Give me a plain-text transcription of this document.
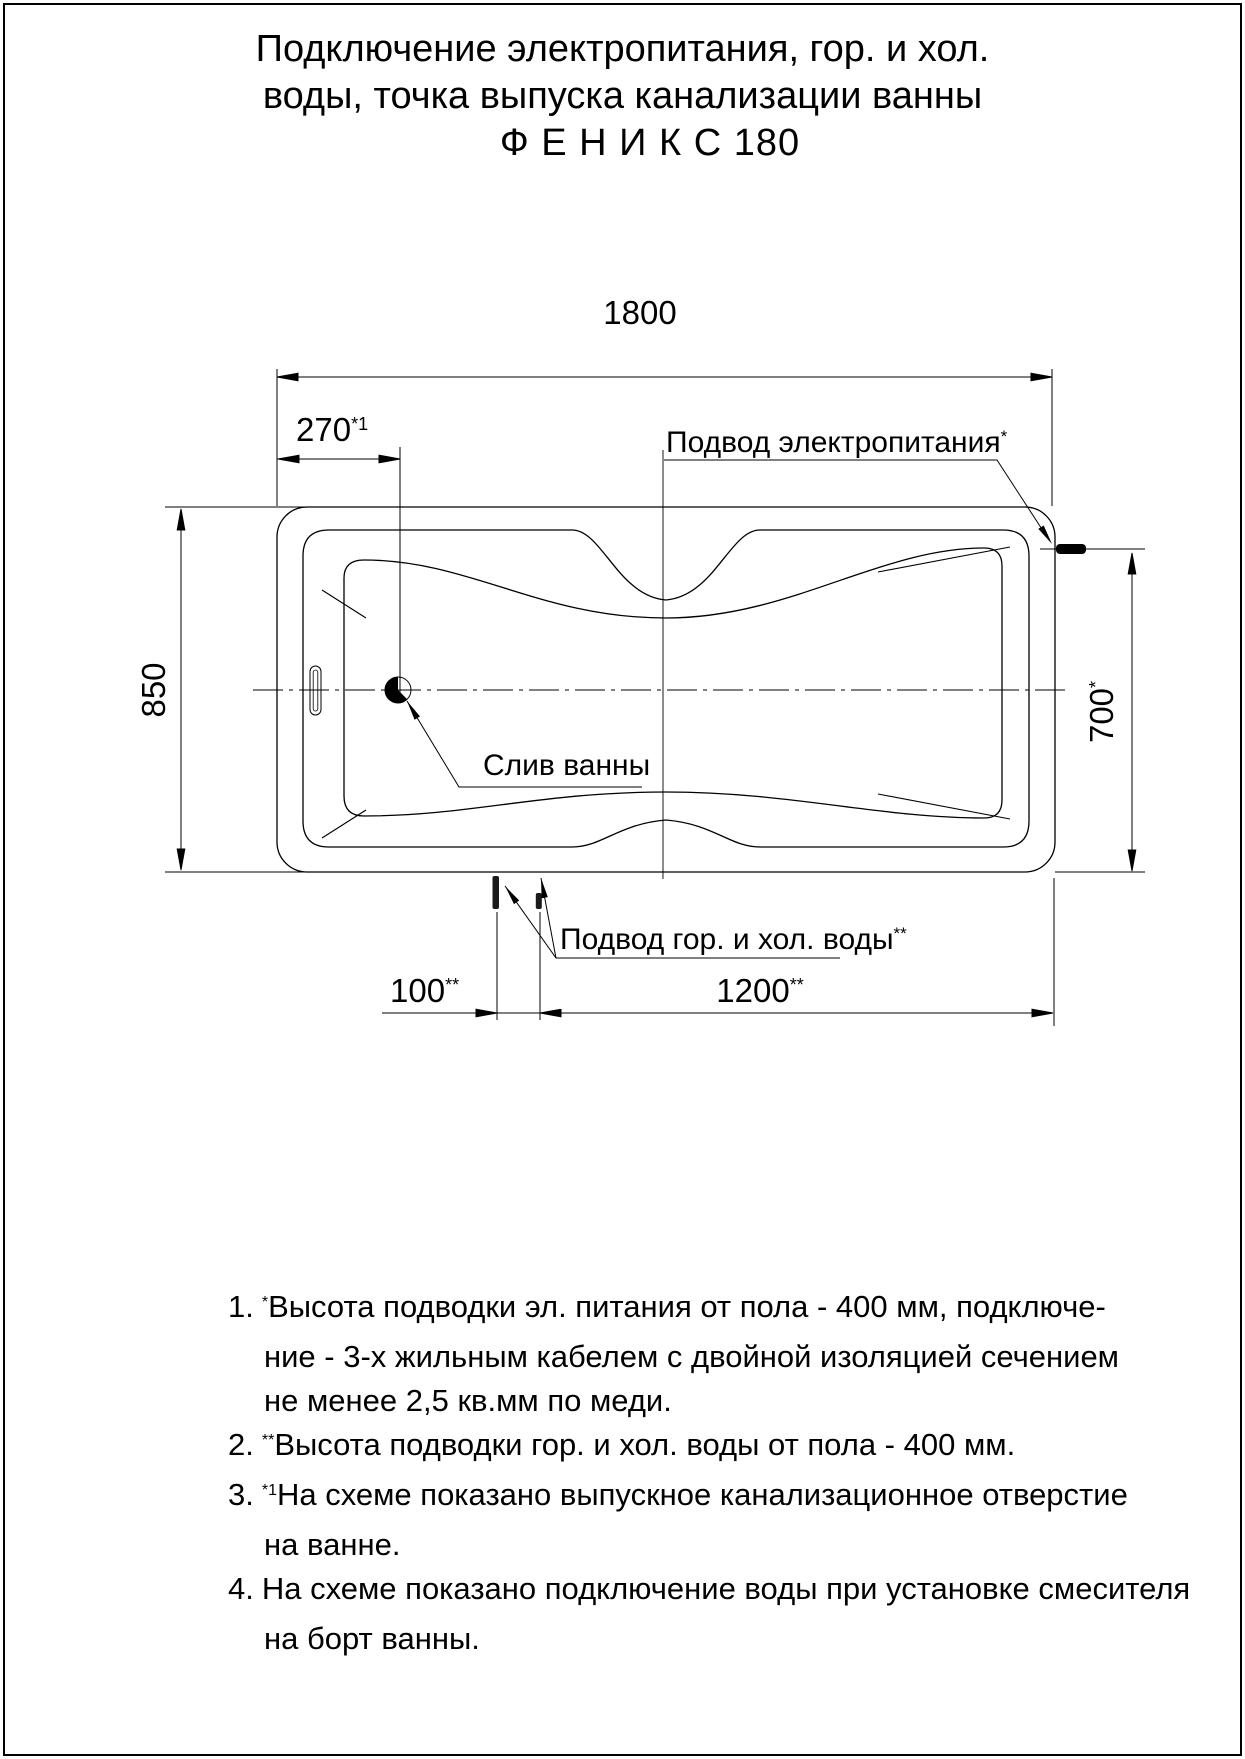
Подключение электропитания, гор. и хол.
воды, точка выпуска канализации ванны
Ф Е Н И К С 180
1800
270$^{*1}$
850	700*
100**	1200**
Подвод электропитания*
Слив ванны
Подвод гор. и хол. воды**
1. *Высота подводки эл. питания от пола - 400 мм, подключе-
ние - 3-х жильным кабелем с двойной изоляцией сечением
не менее 2,5 кв.мм по меди.
2. **Высота подводки гор. и хол. воды от пола - 400 мм.
3. $^{*1}$На схеме показано выпускное канализационное отверстие
на ванне.
4. На схеме показано подключение воды при установке смесителя
на борт ванны.
